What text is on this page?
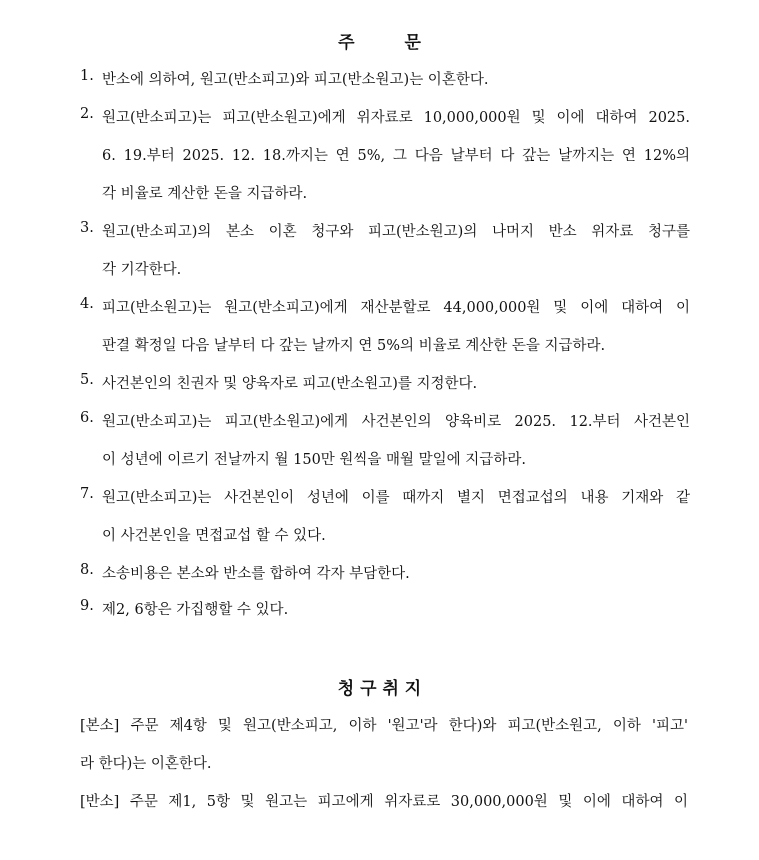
주	문
1. 반소에 의하여, 원고(반소피고)와 피고(반소원고)는 이혼한다.
2. 원고(반소피고)는 피고(반소원고)에게 위자료로 10,000,000원 및 이에 대하여 2025.
6. 19.부터 2025. 12. 18.까지는 연 5%, 그 다음 날부터 다 갚는 날까지는 연 12%의
각 비율로 계산한 돈을 지급하라.
3. 원고(반소피고)의 본소 이혼 청구와 피고(반소원고)의 나머지 반소 위자료 청구를
각 기각한다.
4. 피고(반소원고)는 원고(반소피고)에게 재산분할로 44,000,000원 및 이에 대하여 이
판결 확정일 다음 날부터 다 갚는 날까지 연 5%의 비율로 계산한 돈을 지급하라.
5. 사건본인의 친권자 및 양육자로 피고(반소원고)를 지정한다.
6. 원고(반소피고)는 피고(반소원고)에게 사건본인의 양육비로 2025. 12.부터 사건본인
이 성년에 이르기 전날까지 월 150만 원씩을 매월 말일에 지급하라.
7. 원고(반소피고)는 사건본인이 성년에 이를 때까지 별지 면접교섭의 내용 기재와 같
이 사건본인을 면접교섭 할 수 있다.
8. 소송비용은 본소와 반소를 합하여 각자 부담한다.
9. 제2, 6항은 가집행할 수 있다.
청 구 취 지
[본소] 주문 제4항 및 원고(반소피고, 이하 '원고'라 한다)와 피고(반소원고, 이하 '피고'
라 한다)는 이혼한다.
[반소] 주문 제1, 5항 및 원고는 피고에게 위자료로 30,000,000원 및 이에 대하여 이
